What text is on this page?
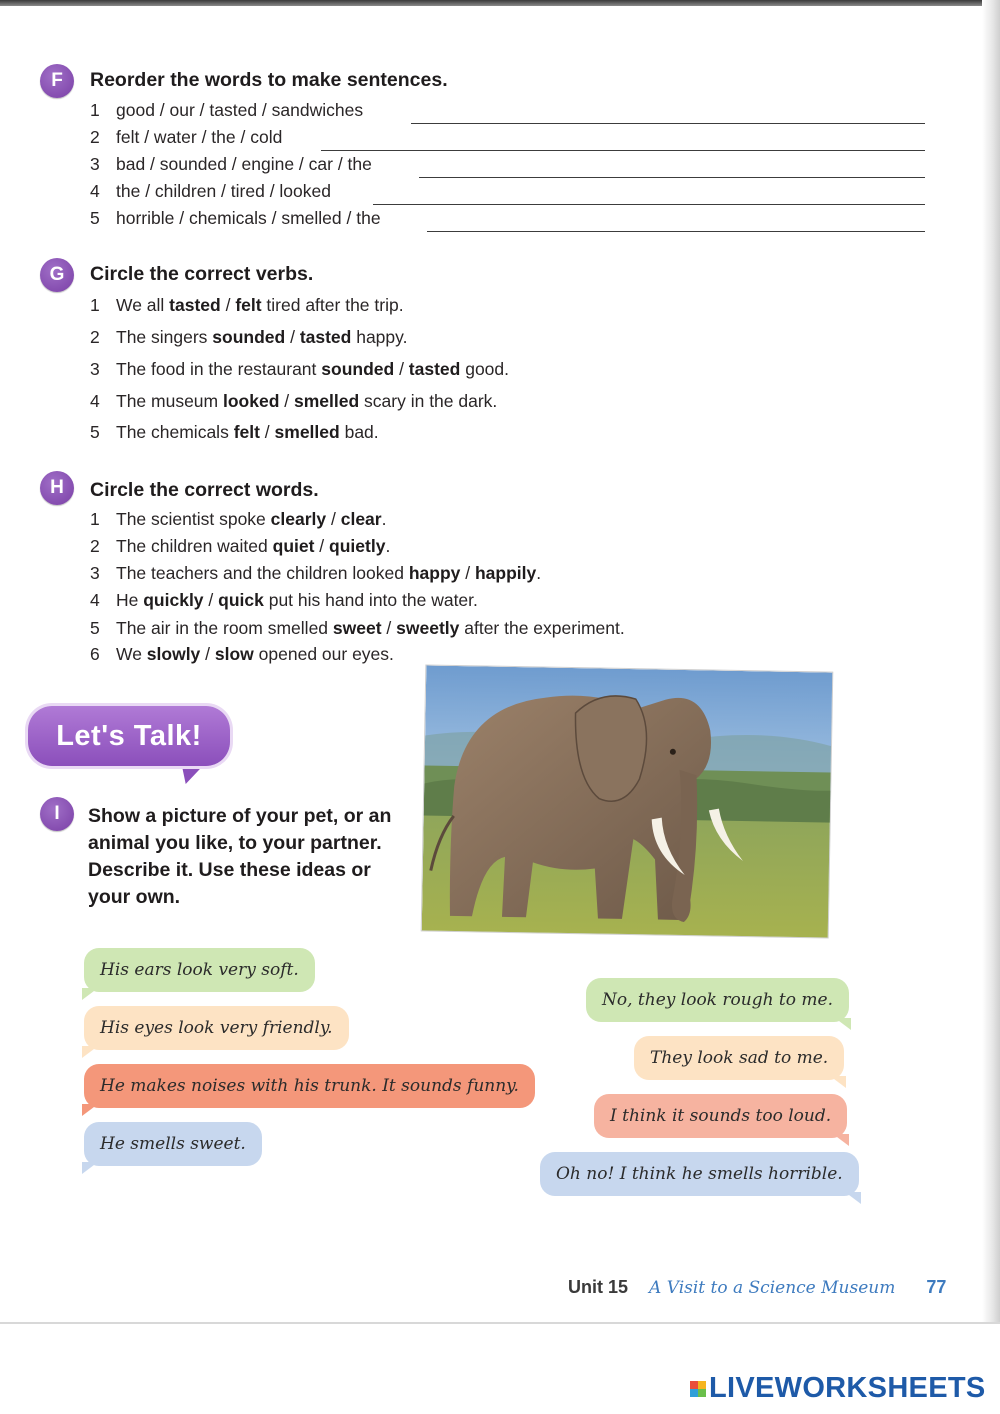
F	Reorder the words to make sentences.
1 good / our / tasted / sandwiches
2 felt / water / the / cold
3 bad / sounded / engine / car / the
4 the / children / tired / looked
5 horrible / chemicals / smelled / the
G	Circle the correct verbs.
1 We all tasted / felt tired after the trip.
2 The singers sounded / tasted happy.
3 The food in the restaurant sounded / tasted good.
4 The museum looked / smelled scary in the dark.
5 The chemicals felt / smelled bad.
H	Circle the correct words.
1 The scientist spoke clearly / clear.
2 The children waited quiet / quietly.
3 The teachers and the children looked happy / happily.
4 He quickly / quick put his hand into the water.
5 The air in the room smelled sweet / sweetly after the experiment.
6 We slowly / slow opened our eyes.
Let's Talk!
I	Show a picture of your pet, or an animal you like, to your partner. Describe it. Use these ideas or your own.
His ears look very soft.
His eyes look very friendly.
He makes noises with his trunk. It sounds funny.
He smells sweet.
No, they look rough to me.
They look sad to me.
I think it sounds too loud.
Oh no! I think he smells horrible.
Unit 15 A Visit to a Science Museum 77
LIVEWORKSHEETS
